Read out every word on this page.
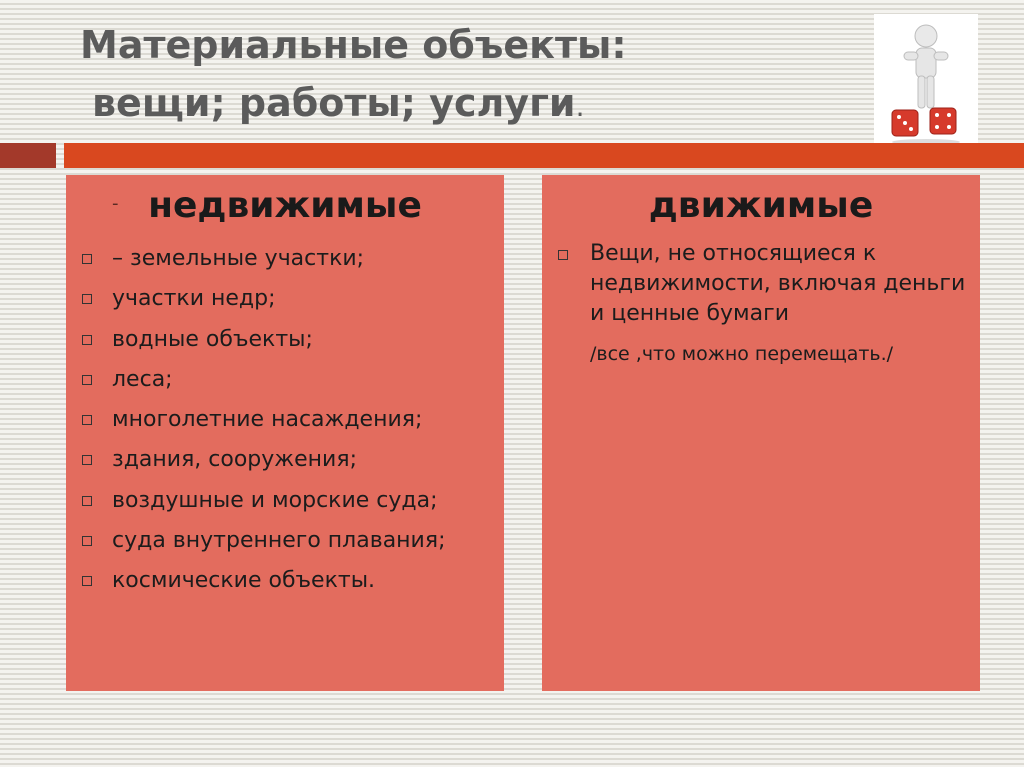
Материальные объекты:
вещи; работы; услуги.
- недвижимые
– земельные участки;
участки недр;
водные объекты;
леса;
многолетние насаждения;
здания, сооружения;
воздушные и морские суда;
суда внутреннего плавания;
космические объекты.
движимые
Вещи, не относящиеся к недвижимости, включая деньги и ценные бумаги
/все ,что можно перемещать./
